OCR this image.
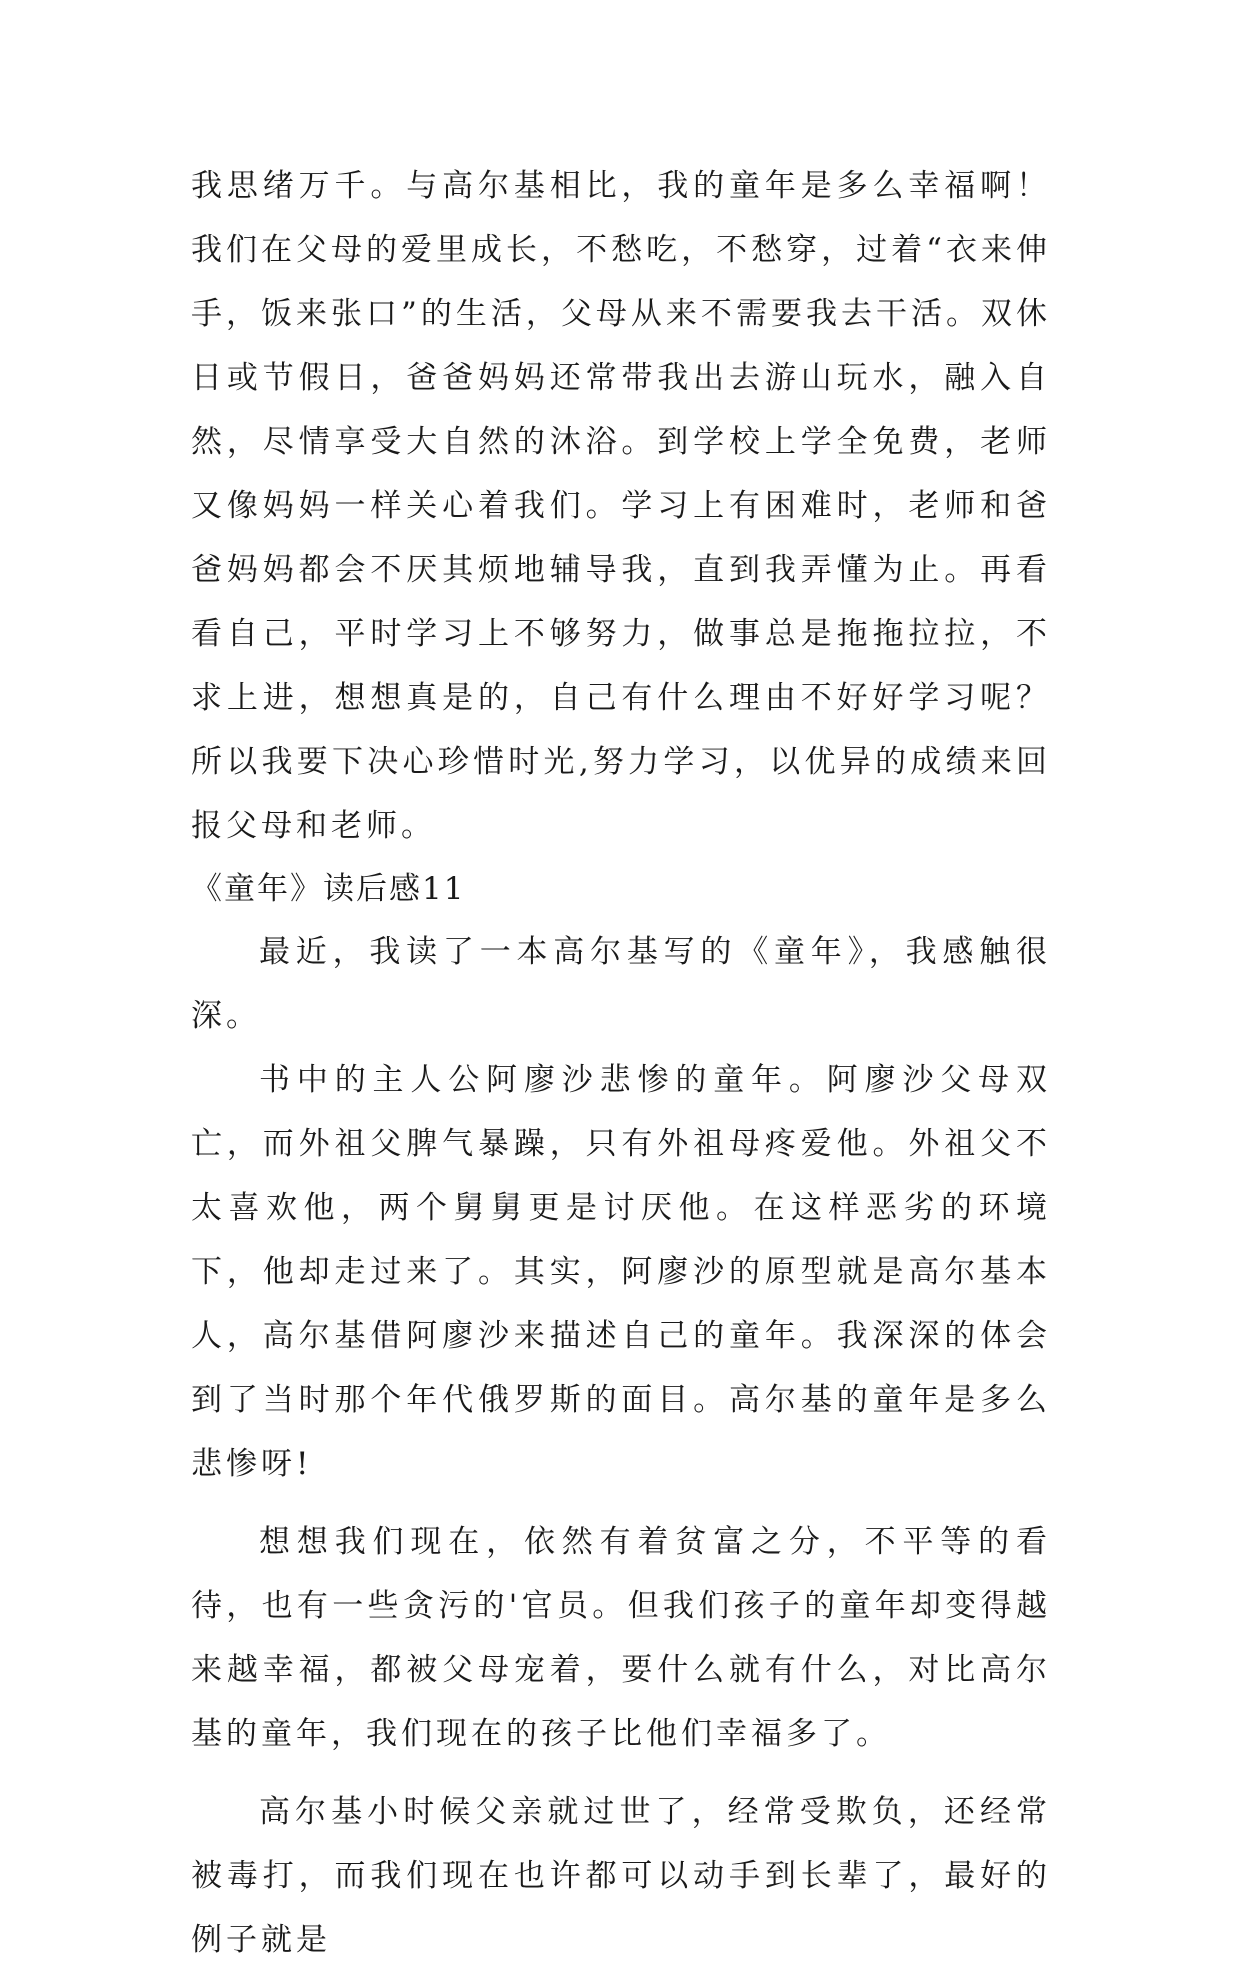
我思绪万千。与高尔基相比，我的童年是多么幸福啊！我们在父母的爱里成长，不愁吃，不愁穿，过着“衣来伸手，饭来张口”的生活，父母从来不需要我去干活。双休日或节假日，爸爸妈妈还常带我出去游山玩水，融入自然，尽情享受大自然的沐浴。到学校上学全免费，老师又像妈妈一样关心着我们。学习上有困难时，老师和爸爸妈妈都会不厌其烦地辅导我，直到我弄懂为止。再看看自己，平时学习上不够努力，做事总是拖拖拉拉，不求上进，想想真是的，自己有什么理由不好好学习呢？所以我要下决心珍惜时光,努力学习，以优异的成绩来回报父母和老师。

《童年》读后感11

最近，我读了一本高尔基写的《童年》，我感触很深。

书中的主人公阿廖沙悲惨的童年。阿廖沙父母双亡，而外祖父脾气暴躁，只有外祖母疼爱他。外祖父不太喜欢他，两个舅舅更是讨厌他。在这样恶劣的环境下，他却走过来了。其实，阿廖沙的原型就是高尔基本人，高尔基借阿廖沙来描述自己的童年。我深深的体会到了当时那个年代俄罗斯的面目。高尔基的童年是多么悲惨呀!

想想我们现在，依然有着贫富之分，不平等的看待，也有一些贪污的'官员。但我们孩子的童年却变得越来越幸福，都被父母宠着，要什么就有什么，对比高尔基的童年，我们现在的孩子比他们幸福多了。

高尔基小时候父亲就过世了，经常受欺负，还经常被毒打，而我们现在也许都可以动手到长辈了，最好的例子就是
